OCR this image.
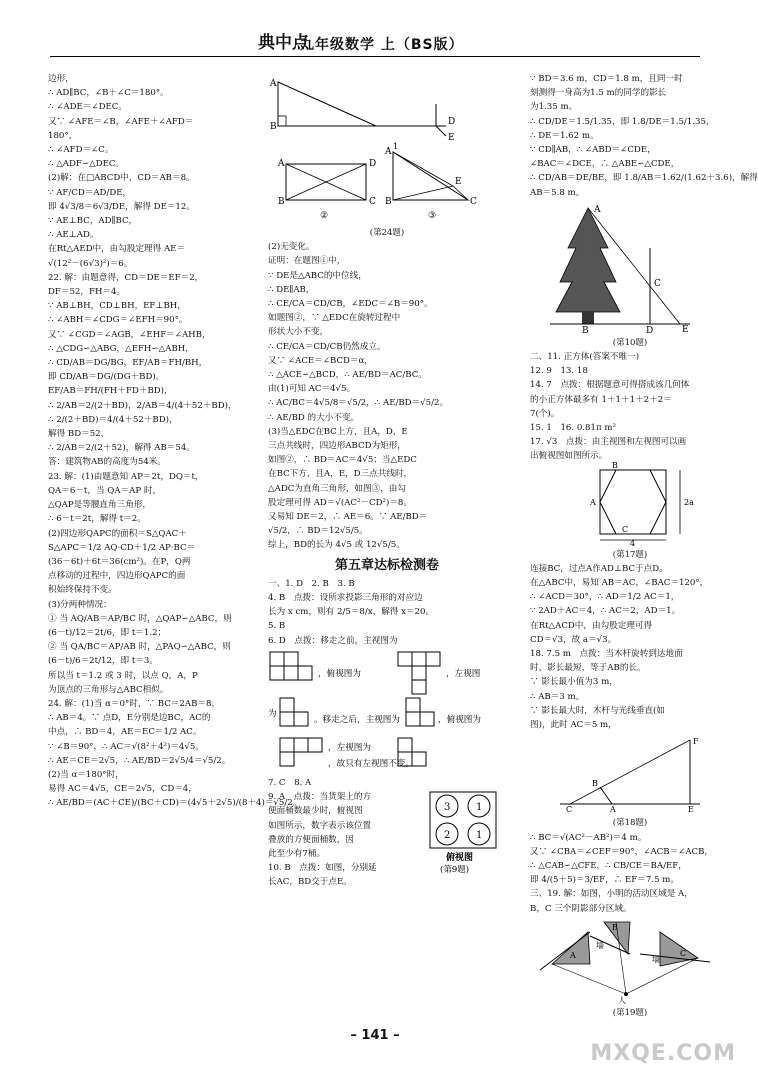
典中点
九年级数学 上（BS版）
边形，
∴ AD∥BC，∠B＋∠C＝180°。
∴ ∠ADE＝∠DEC。
又∵ ∠AFE＝∠B，∠AFE＋∠AFD＝
180°，
∴ ∠AFD＝∠C。
∴ △ADF∽△DEC。
(2)解：在□ABCD中，CD＝AB＝8。
∵ AF/CD＝AD/DE，
即 4√3/8＝6√3/DE，解得 DE＝12。
∵ AE⊥BC，AD∥BC，
∴ AE⊥AD。
在Rt△AED中，由勾股定理得 AE＝
√(12²－(6√3)²)＝6。
22. 解：由题意得，CD＝DE＝EF＝2，
DF＝52，FH＝4。
∵ AB⊥BH，CD⊥BH，EF⊥BH，
∴ ∠ABH＝∠CDG＝∠EFH＝90°。
又∵ ∠CGD＝∠AGB，∠EHF＝∠AHB，
∴ △CDG∽△ABG，△EFH∽△ABH，
∴ CD/AB＝DG/BG，EF/AB＝FH/BH，
即 CD/AB＝DG/(DG＋BD)，
EF/AB＝FH/(FH＋FD＋BD)，
∴ 2/AB＝2/(2＋BD)，2/AB＝4/(4＋52＋BD)，
∴ 2/(2＋BD)＝4/(4＋52＋BD)，
解得 BD＝52，
∴ 2/AB＝2/(2＋52)，解得 AB＝54。
答：建筑物AB的高度为54米。
23. 解：(1)由题意知 AP＝2t，DQ＝t，
QA＝6－t，当 QA＝AP 时，
△QAP是等腰直角三角形，
∴ 6－t＝2t，解得 t＝2。
(2)四边形QAPC的面积＝S△QAC＋
S△APC＝1/2 AQ·CD＋1/2 AP·BC＝
(36－6t)＋6t＝36(cm²)。在P，Q两
点移动的过程中，四边形QAPC的面
积始终保持不变。
(3)分两种情况：
① 当 AQ/AB＝AP/BC 时，△QAP∽△ABC，则
(6－t)/12＝2t/6，即 t＝1.2；
② 当 QA/BC＝AP/AB 时，△PAQ∽△ABC，则
(6－t)/6＝2t/12，即 t＝3。
所以当 t＝1.2 或 3 时，以点 Q，A，P
为顶点的三角形与△ABC相似。
24. 解：(1)当 α＝0°时，∵ BC＝2AB＝8，
∴ AB＝4。∵ 点D，E分别是边BC，AC的
中点，∴ BD＝4，AE＝EC＝1/2 AC。
∵ ∠B＝90°，∴ AC＝√(8²＋4²)＝4√5。
∴ AE＝CE＝2√5，∴ AE/BD＝2√5/4＝√5/2。
(2)当 α＝180°时，
易得 AC＝4√5，CE＝2√5，CD＝4，
∴ AE/BD＝(AC＋CE)/(BC＋CD)＝(4√5＋2√5)/(8＋4)＝√5/2。
A
B	D
E
1
A
B
D
C
②
A
B	C
E
③
(第24题)
(2)无变化。
证明：在题图①中，
∵ DE是△ABC的中位线，
∴ DE∥AB，
∴ CE/CA＝CD/CB，∠EDC＝∠B＝90°。
如题图②，∵ △EDC在旋转过程中
形状大小不变，
∴ CE/CA＝CD/CB仍然成立。
又∵ ∠ACE＝∠BCD＝α，
∴ △ACE∽△BCD，∴ AE/BD＝AC/BC。
由(1)可知 AC＝4√5。
∴ AC/BC＝4√5/8＝√5/2，∴ AE/BD＝√5/2。
∴ AE/BD 的大小不变。
(3)当△EDC在BC上方，且A，D，E
三点共线时，四边形ABCD为矩形，
如图②，∴ BD＝AC＝4√5；当△EDC
在BC下方，且A，E，D三点共线时，
△ADC为直角三角形，如图③，由勾
股定理可得 AD＝√(AC²－CD²)＝8。
又易知 DE＝2，∴ AE＝6。∵ AE/BD＝
√5/2，∴ BD＝12√5/5。
综上，BD的长为 4√5 或 12√5/5。
第五章达标检测卷
一、1. D　2. B　3. B
4. B　点拨：设所求投影三角形的对应边
长为 x cm，则有 2/5＝8/x，解得 x＝20。
5. B
6. D　点拨：移走之前，主视图为
，俯视图为	，左视图
为
。移走之后，主视图为	，俯视图为
，左视图为
，故只有左视图不变。
7. C　8. A
9. A　点拨：当货架上的方
便面桶数最少时，俯视图
如图所示，数字表示该位置
叠放的方便面桶数，因
此至少有7桶。
10. B　点拨：如图，分别延
长AC，BD交于点E。
3	1
2	1
俯视图
(第9题)
∵ BD＝3.6 m，CD＝1.8 m，且同一时
刻测得一身高为1.5 m的同学的影长
为1.35 m。
∴ CD/DE＝1.5/1.35，即 1.8/DE＝1.5/1.35，
∴ DE＝1.62 m。
∵ CD∥AB，∴ ∠ABD＝∠CDE，
∠BAC＝∠DCE，∴ △ABE∽△CDE，
∴ CD/AB＝DE/BE，即 1.8/AB＝1.62/(1.62＋3.6)，解得
AB＝5.8 m。
A
B
C
D	E
(第10题)
二、11. 正方体(答案不唯一)
12. 9　13. 18
14. 7　点拨：根据题意可得搭成该几何体
的小正方体最多有 1＋1＋1＋2＋2＝
7(个)。
15. 1　16. 0.81π m²
17. √3　点拨：由主视图和左视图可以画
出俯视图如图所示。
B
A
C
2a
4
(第17题)
连接BC，过点A作AD⊥BC于点D。
在△ABC中，易知 AB＝AC，∠BAC＝120°，
∴ ∠ACD＝30°，∴ AD＝1/2 AC＝1，
∵ 2AD＋AC＝4，∴ AC＝2，AD＝1。
在Rt△ACD中，由勾股定理可得
CD＝√3，故 a＝√3。
18. 7.5 m　点拨：当木杆旋转到达地面
时，影长最短，等于AB的长。
∵ 影长最小值为3 m，
∴ AB＝3 m。
∵ 影长最大时，木杆与光线垂直(如
图)，此时 AC＝5 m，
C
B
A	E
F
(第18题)
∴ BC＝√(AC²－AB²)＝4 m。
又∵ ∠CBA＝∠CEF＝90°，∠ACB＝∠ACB，
∴ △CAB∽△CFE，∴ CB/CE＝BA/EF，
即 4/(5＋5)＝3/EF，∴ EF＝7.5 m。
三、19. 解：如图，小明的活动区域是 A，
B，C 三个阴影部分区域。
A
B
C
墙
墙
人
(第19题)
– 141 –
MXQE.COM
